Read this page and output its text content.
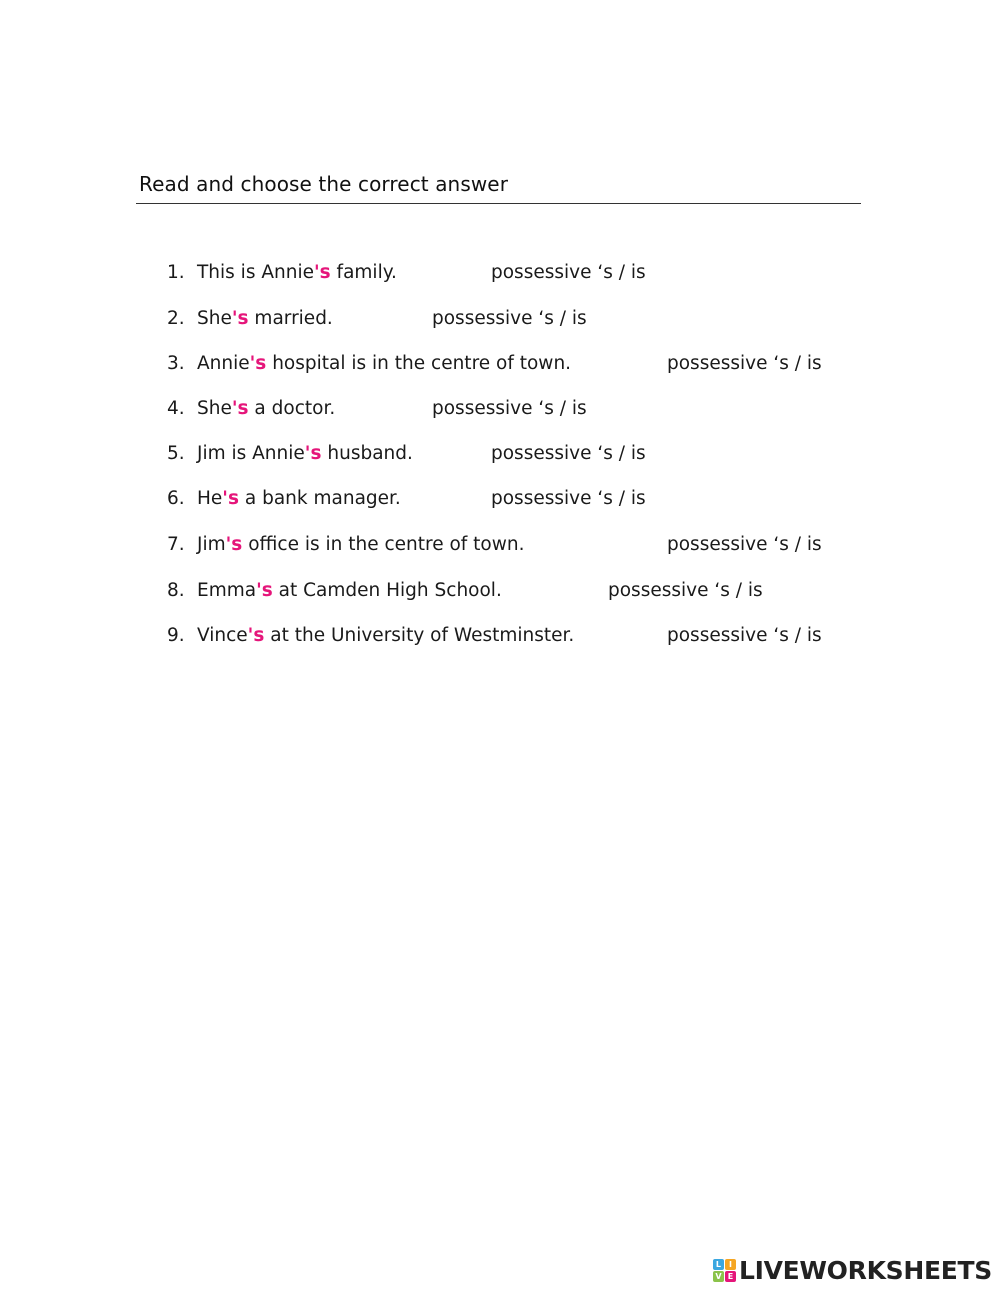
Read and choose the correct answer
1. This is Annie's family.	possessive ‘s / is
2. She's married.	possessive ‘s / is
3. Annie's hospital is in the centre of town.	possessive ‘s / is
4. She's a doctor.	possessive ‘s / is
5. Jim is Annie's husband.	possessive ‘s / is
6. He's a bank manager.	possessive ‘s / is
7. Jim's office is in the centre of town.	possessive ‘s / is
8. Emma's at Camden High School.	possessive ‘s / is
9. Vince's at the University of Westminster.	possessive ‘s / is
L I
V E LIVEWORKSHEETS
